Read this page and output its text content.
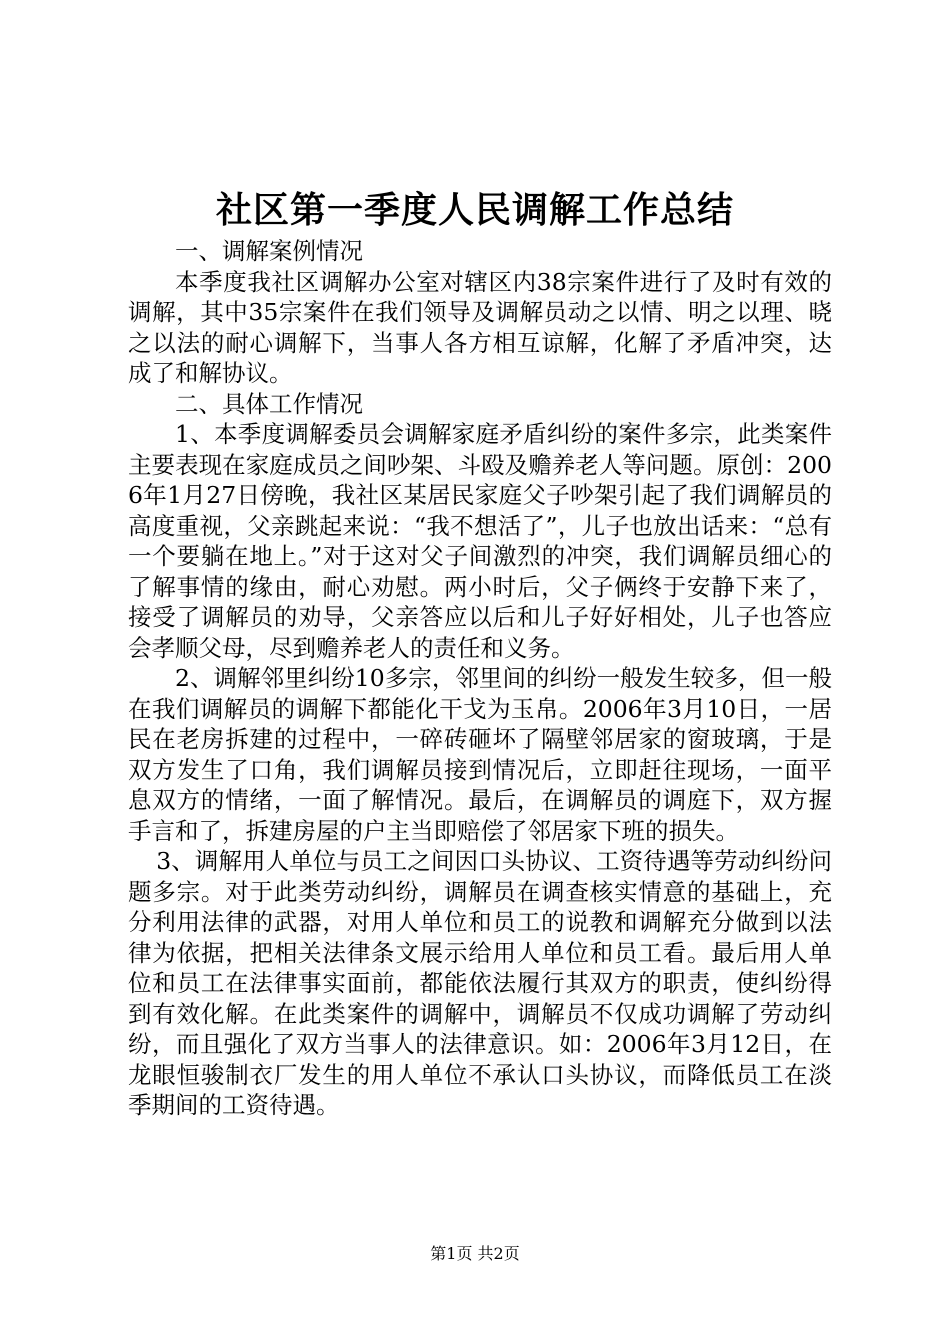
社区第一季度人民调解工作总结

一、调解案例情况

本季度我社区调解办公室对辖区内38宗案件进行了及时有效的调解，其中35宗案件在我们领导及调解员动之以情、明之以理、晓之以法的耐心调解下，当事人各方相互谅解，化解了矛盾冲突，达成了和解协议。

二、具体工作情况

1、本季度调解委员会调解家庭矛盾纠纷的案件多宗，此类案件主要表现在家庭成员之间吵架、斗殴及赡养老人等问题。原创：2006年1月27日傍晚，我社区某居民家庭父子吵架引起了我们调解员的高度重视，父亲跳起来说：“我不想活了”，儿子也放出话来：“总有一个要躺在地上。”对于这对父子间激烈的冲突，我们调解员细心的了解事情的缘由，耐心劝慰。两小时后，父子俩终于安静下来了，接受了调解员的劝导，父亲答应以后和儿子好好相处，儿子也答应会孝顺父母，尽到赡养老人的责任和义务。

2、调解邻里纠纷10多宗，邻里间的纠纷一般发生较多，但一般在我们调解员的调解下都能化干戈为玉帛。2006年3月10日，一居民在老房拆建的过程中，一碎砖砸坏了隔壁邻居家的窗玻璃，于是双方发生了口角，我们调解员接到情况后，立即赶往现场，一面平息双方的情绪，一面了解情况。最后，在调解员的调庭下，双方握手言和了，拆建房屋的户主当即赔偿了邻居家下班的损失。

3、调解用人单位与员工之间因口头协议、工资待遇等劳动纠纷问题多宗。对于此类劳动纠纷，调解员在调查核实情意的基础上，充分利用法律的武器，对用人单位和员工的说教和调解充分做到以法律为依据，把相关法律条文展示给用人单位和员工看。最后用人单位和员工在法律事实面前，都能依法履行其双方的职责，使纠纷得到有效化解。在此类案件的调解中，调解员不仅成功调解了劳动纠纷，而且强化了双方当事人的法律意识。如：2006年3月12日，在龙眼恒骏制衣厂发生的用人单位不承认口头协议，而降低员工在淡季期间的工资待遇。

第1页 共2页
